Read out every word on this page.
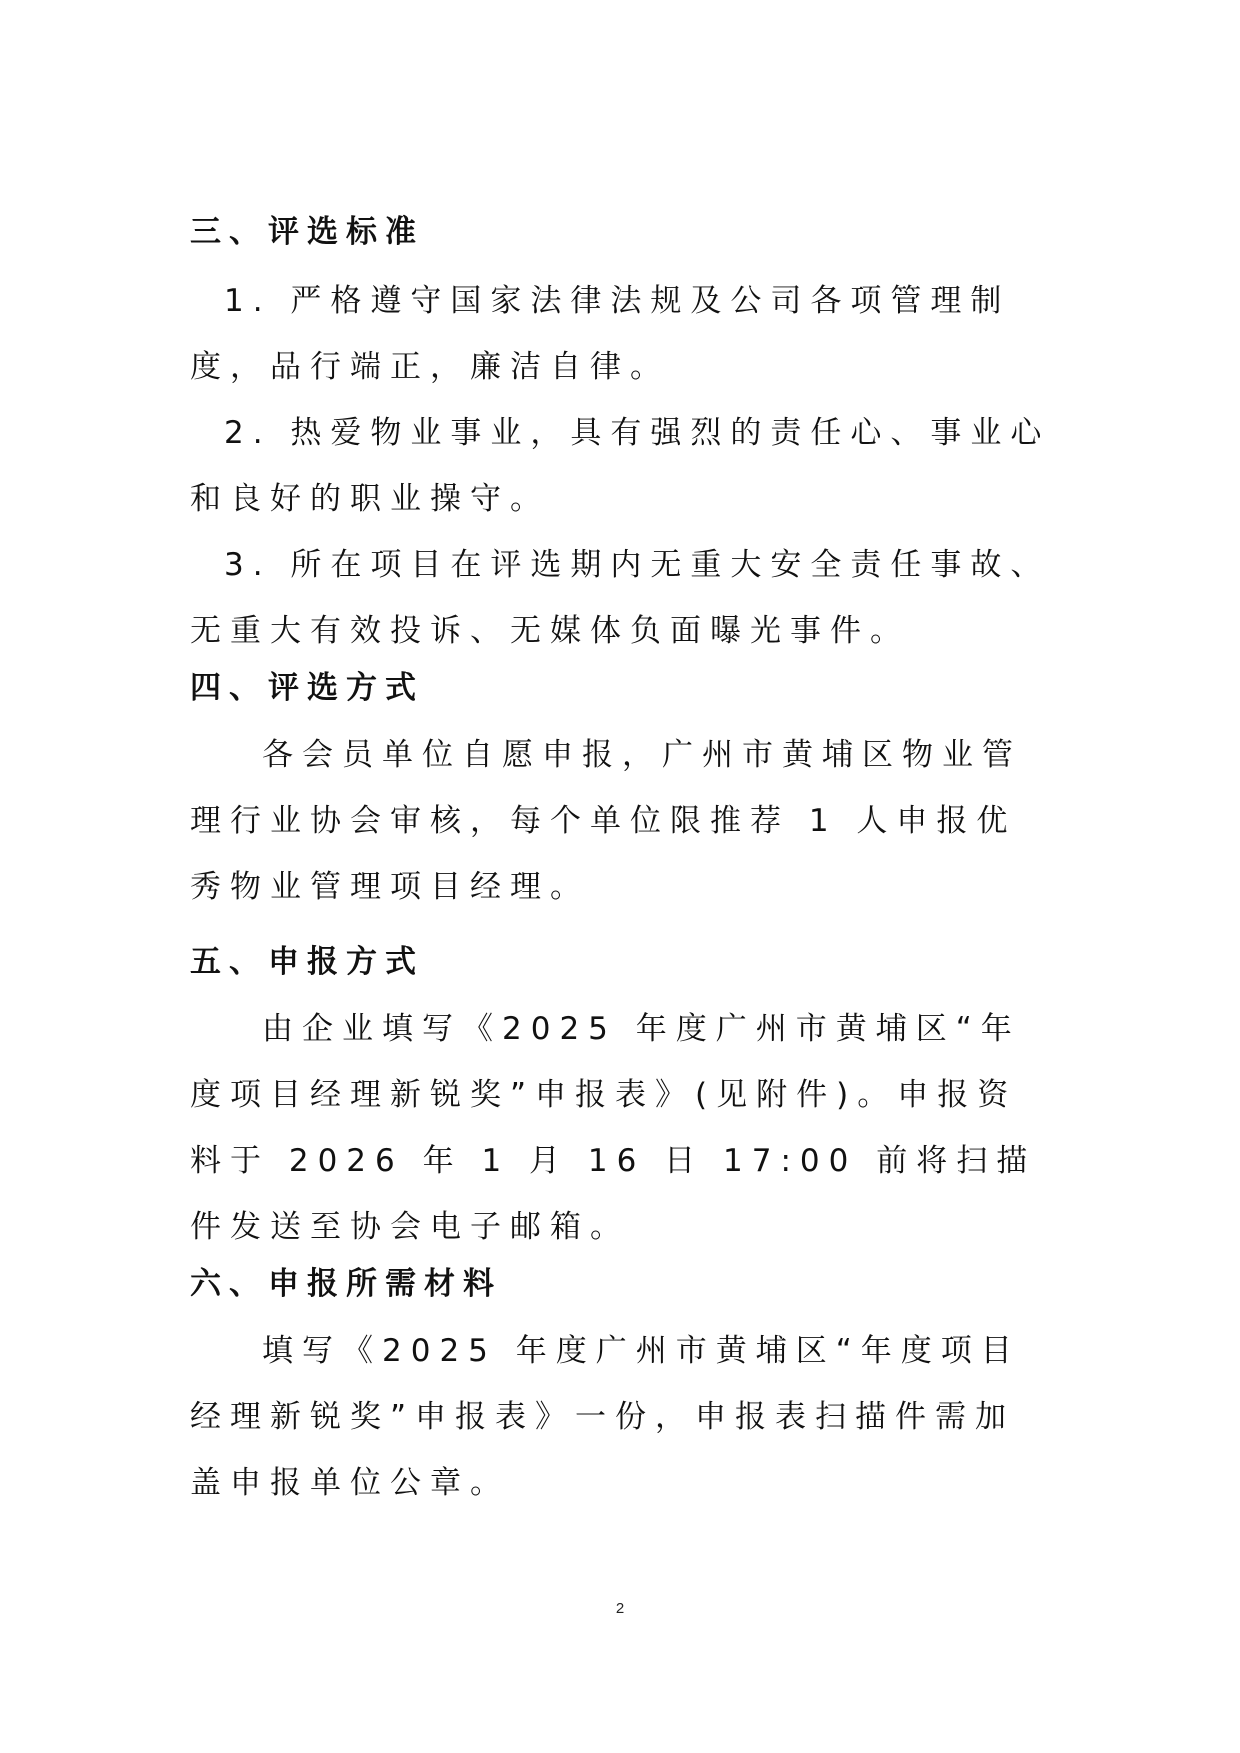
三、评选标准

1. 严格遵守国家法律法规及公司各项管理制度，品行端正，廉洁自律。

2. 热爱物业事业，具有强烈的责任心、事业心和良好的职业操守。

3. 所在项目在评选期内无重大安全责任事故、无重大有效投诉、无媒体负面曝光事件。

四、评选方式

各会员单位自愿申报，广州市黄埔区物业管理行业协会审核，每个单位限推荐 1 人申报优秀物业管理项目经理。

五、申报方式

由企业填写《2025 年度广州市黄埔区“年度项目经理新锐奖”申报表》(见附件)。申报资料于 2026 年 1 月 16 日 17:00 前将扫描件发送至协会电子邮箱。

六、申报所需材料

填写《2025 年度广州市黄埔区“年度项目经理新锐奖”申报表》一份，申报表扫描件需加盖申报单位公章。

2
